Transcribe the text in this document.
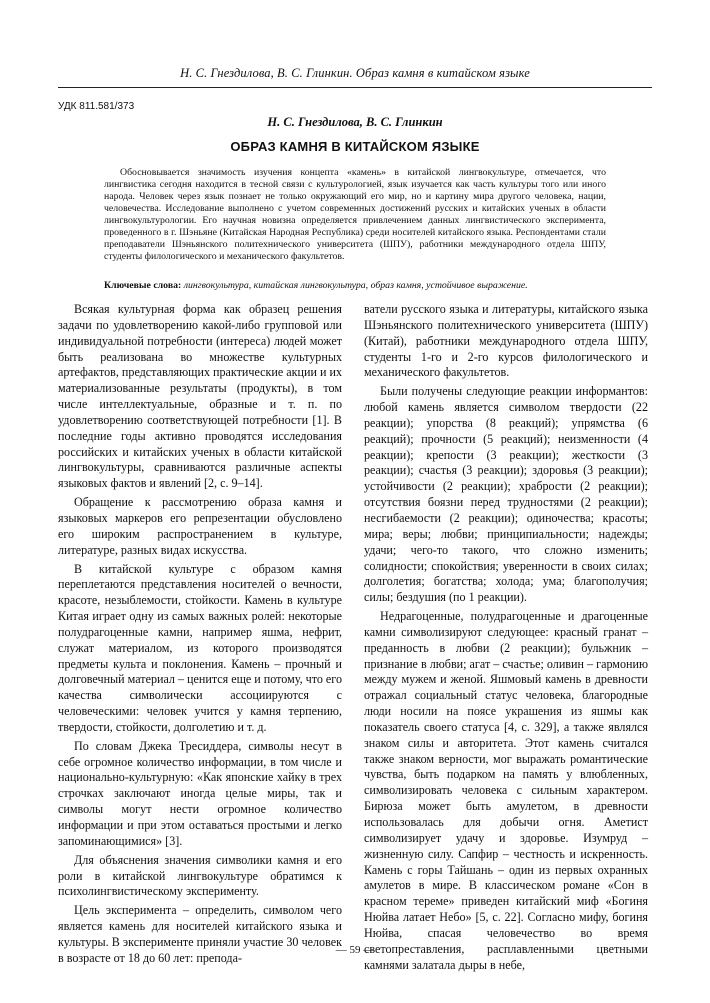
Н. С. Гнездилова, В. С. Глинкин. Образ камня в китайском языке
УДК 811.581/373
Н. С. Гнездилова, В. С. Глинкин
ОБРАЗ КАМНЯ В КИТАЙСКОМ ЯЗЫКЕ

Обосновывается значимость изучения концепта «камень» в китайской лингвокультуре, отмечается, что лингвистика сегодня находится в тесной связи с культурологией, язык изучается как часть культуры того или иного народа. Человек через язык познает не только окружающий его мир, но и картину мира другого человека, нации, человечества. Исследование выполнено с учетом современных достижений русских и китайских ученых в области лингвокультурологии. Его научная новизна определяется привлечением данных лингвистического эксперимента, проведенного в г. Шэньяне (Китайская Народная Республика) среди носителей китайского языка. Респондентами стали преподаватели Шэньянского политехнического университета (ШПУ), работники международного отдела ШПУ, студенты филологического и механического факультетов.

Ключевые слова: лингвокультура, китайская лингвокультура, образ камня, устойчивое выражение.

Всякая культурная форма как образец решения задачи по удовлетворению какой-либо групповой или индивидуальной потребности (интереса) людей может быть реализована во множестве культурных артефактов, представляющих практические акции и их материализованные результаты (продукты), в том числе интеллектуальные, образные и т. п. по удовлетворению соответствующей потребности [1]. В последние годы активно проводятся исследования российских и китайских ученых в области китайской лингвокультуры, сравниваются различные аспекты языковых фактов и явлений [2, с. 9–14].

Обращение к рассмотрению образа камня и языковых маркеров его репрезентации обусловлено его широким распространением в культуре, литературе, разных видах искусства.

В китайской культуре с образом камня переплетаются представления носителей о вечности, красоте, незыблемости, стойкости. Камень в культуре Китая играет одну из самых важных ролей: некоторые полудрагоценные камни, например яшма, нефрит, служат материалом, из которого производятся предметы культа и поклонения. Камень – прочный и долговечный материал – ценится еще и потому, что его качества символически ассоциируются с человеческими: человек учится у камня терпению, твердости, стойкости, долголетию и т. д.

По словам Джека Тресиддера, символы несут в себе огромное количество информации, в том числе и национально-культурную: «Как японские хайку в трех строчках заключают иногда целые миры, так и символы могут нести огромное количество информации и при этом оставаться простыми и легко запоминающимися» [3].

Для объяснения значения символики камня и его роли в китайской лингвокультуре обратимся к психолингвистическому эксперименту.

Цель эксперимента – определить, символом чего является камень для носителей китайского языка и культуры. В эксперименте приняли участие 30 человек в возрасте от 18 до 60 лет: препода-

ватели русского языка и литературы, китайского языка Шэньянского политехнического университета (ШПУ) (Китай), работники международного отдела ШПУ, студенты 1-го и 2-го курсов филологического и механического факультетов.

Были получены следующие реакции информантов: любой камень является символом твердости (22 реакции); упорства (8 реакций); упрямства (6 реакций); прочности (5 реакций); неизменности (4 реакции); крепости (3 реакции); жесткости (3 реакции); счастья (3 реакции); здоровья (3 реакции); устойчивости (2 реакции); храбрости (2 реакции); отсутствия боязни перед трудностями (2 реакции); несгибаемости (2 реакции); одиночества; красоты; мира; веры; любви; принципиальности; надежды; удачи; чего-то такого, что сложно изменить; солидности; спокойствия; уверенности в своих силах; долголетия; богатства; холода; ума; благополучия; силы; бездушия (по 1 реакции).

Недрагоценные, полудрагоценные и драгоценные камни символизируют следующее: красный гранат – преданность в любви (2 реакции); бульжник – признание в любви; агат – счастье; оливин – гармонию между мужем и женой. Яшмовый камень в древности отражал социальный статус человека, благородные люди носили на поясе украшения из яшмы как показатель своего статуса [4, с. 329], а также являлся знаком силы и авторитета. Этот камень считался также знаком верности, мог выражать романтические чувства, быть подарком на память у влюбленных, символизировать человека с сильным характером. Бирюза может быть амулетом, в древности использовалась для добычи огня. Аметист символизирует удачу и здоровье. Изумруд – жизненную силу. Сапфир – честность и искренность. Камень с горы Тайшань – один из первых охранных амулетов в мире. В классическом романе «Сон в красном тереме» приведен китайский миф «Богиня Нюйва латает Небо» [5, с. 22]. Согласно мифу, богиня Нюйва, спасая человечество во время светопреставления, расплавленными цветными камнями залатала дыры в небе,

— 59 —
